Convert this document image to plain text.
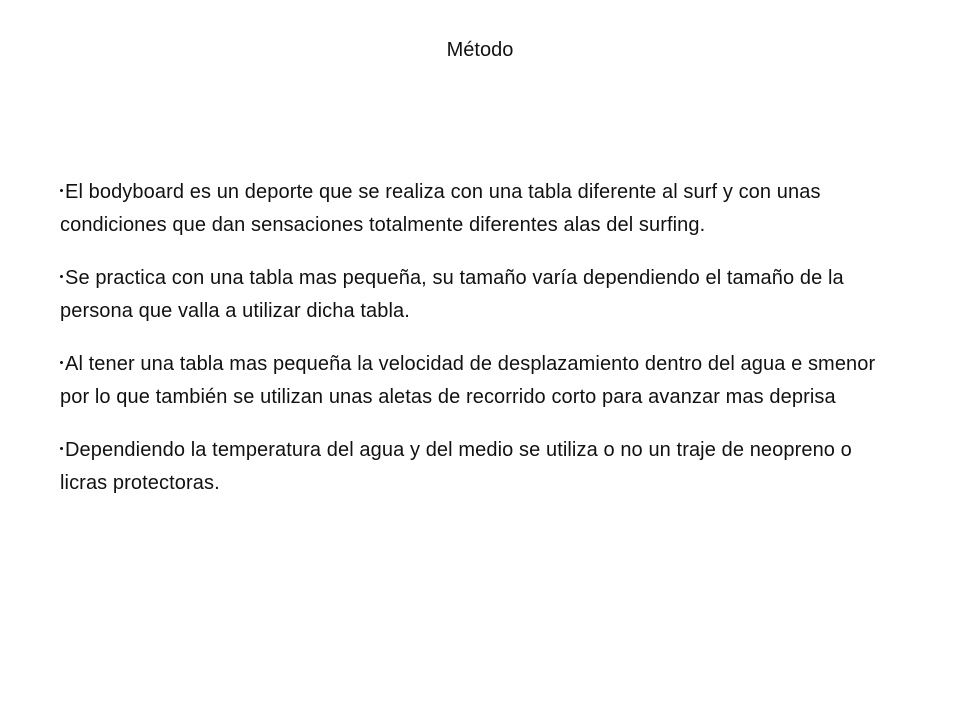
Método
El bodyboard es un deporte que se realiza con una tabla diferente al surf y con unas condiciones que dan sensaciones totalmente diferentes alas del surfing.
Se practica con una tabla mas pequeña, su tamaño varía dependiendo el tamaño de la persona que valla a utilizar dicha tabla.
Al tener una tabla mas pequeña la velocidad de desplazamiento dentro del agua e smenor por lo que también se utilizan unas aletas de recorrido corto para avanzar mas deprisa
Dependiendo la temperatura del agua y del medio se utiliza o no un traje de neopreno o licras protectoras.
